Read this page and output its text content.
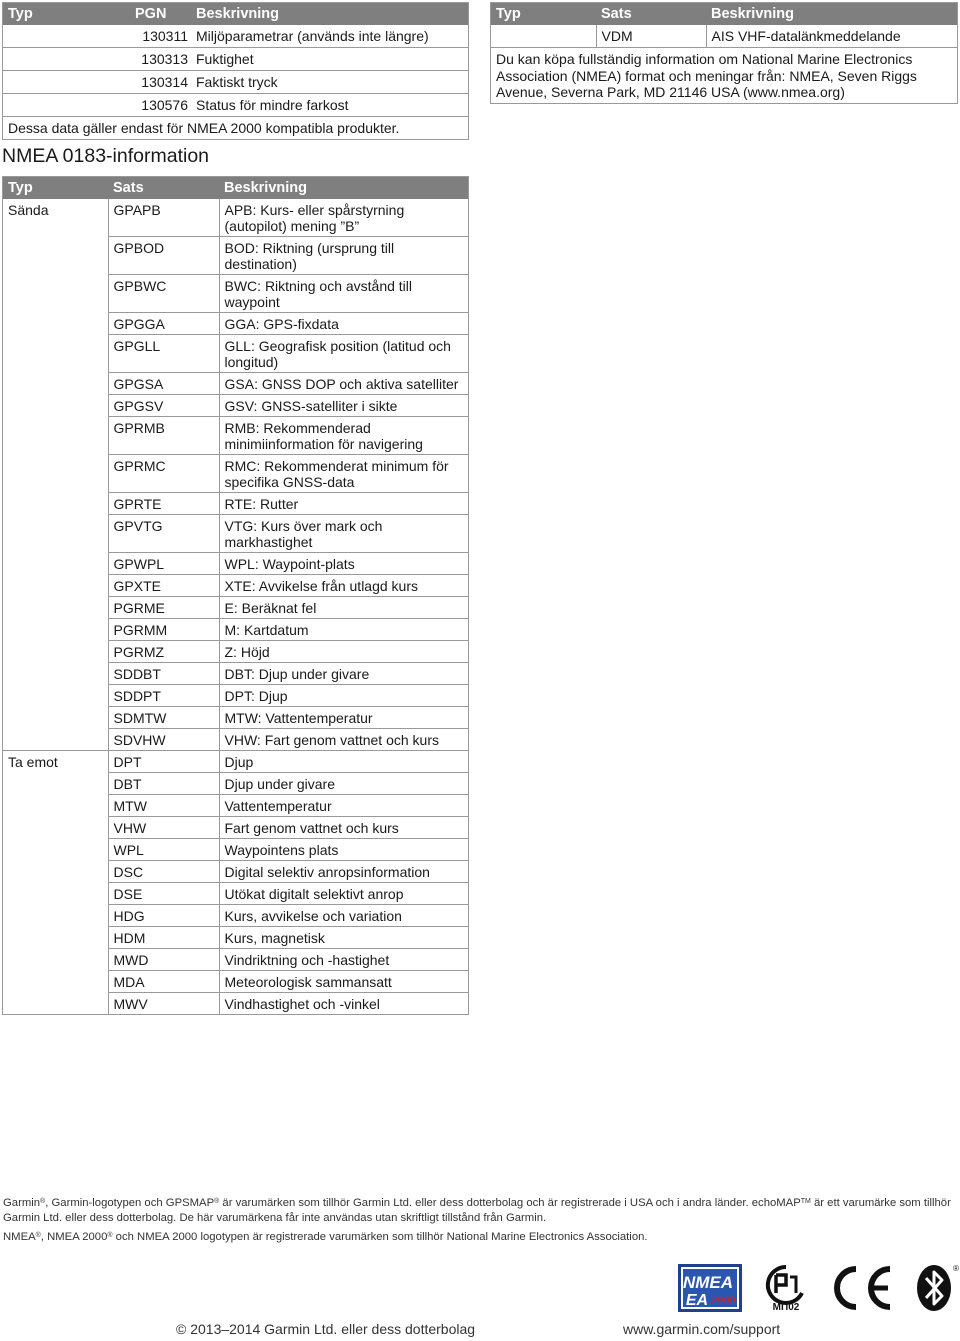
Typ	PGN	Beskrivning
	130311	Miljöparametrar (används inte längre)
	130313	Fuktighet
	130314	Faktiskt tryck
	130576	Status för mindre farkost
Dessa data gäller endast för NMEA 2000 kompatibla produkter.		
Typ	Sats	Beskrivning
	VDM	AIS VHF-datalänkmeddelande
Du kan köpa fullständig information om National Marine Electronics Association (NMEA) format och meningar från: NMEA, Seven Riggs Avenue, Severna Park, MD 21146 USA (www.nmea.org)		
NMEA 0183-information
Typ	Sats	Beskrivning
Sända	GPAPB	APB: Kurs- eller spårstyrning (autopilot) mening ”B”
	GPBOD	BOD: Riktning (ursprung till destination)
	GPBWC	BWC: Riktning och avstånd till waypoint
	GPGGA	GGA: GPS-fixdata
	GPGLL	GLL: Geografisk position (latitud och longitud)
	GPGSA	GSA: GNSS DOP och aktiva satelliter
	GPGSV	GSV: GNSS-satelliter i sikte
	GPRMB	RMB: Rekommenderad minimiinformation för navigering
	GPRMC	RMC: Rekommenderat minimum för specifika GNSS-data
	GPRTE	RTE: Rutter
	GPVTG	VTG: Kurs över mark och markhastighet
	GPWPL	WPL: Waypoint-plats
	GPXTE	XTE: Avvikelse från utlagd kurs
	PGRME	E: Beräknat fel
	PGRMM	M: Kartdatum
	PGRMZ	Z: Höjd
	SDDBT	DBT: Djup under givare
	SDDPT	DPT: Djup
	SDMTW	MTW: Vattentemperatur
	SDVHW	VHW: Fart genom vattnet och kurs
Ta emot	DPT	Djup
	DBT	Djup under givare
	MTW	Vattentemperatur
	VHW	Fart genom vattnet och kurs
	WPL	Waypointens plats
	DSC	Digital selektiv anropsinformation
	DSE	Utökat digitalt selektivt anrop
	HDG	Kurs, avvikelse och variation
	HDM	Kurs, magnetisk
	MWD	Vindriktning och -hastighet
	MDA	Meteorologisk sammansatt
	MWV	Vindhastighet och -vinkel
Garmin®, Garmin-logotypen och GPSMAP® är varumärken som tillhör Garmin Ltd. eller dess dotterbolag och är registrerade i USA och i andra länder. echoMAP™ är ett varumärke som tillhör Garmin Ltd. eller dess dotterbolag. De här varumärkena får inte användas utan skriftligt tillstånd från Garmin.
NMEA®, NMEA 2000® och NMEA 2000 logotypen är registrerade varumärken som tillhör National Marine Electronics Association.
NMEA
EA 2000
МП02
®
© 2013–2014 Garmin Ltd. eller dess dotterbolag	www.garmin.com/support
